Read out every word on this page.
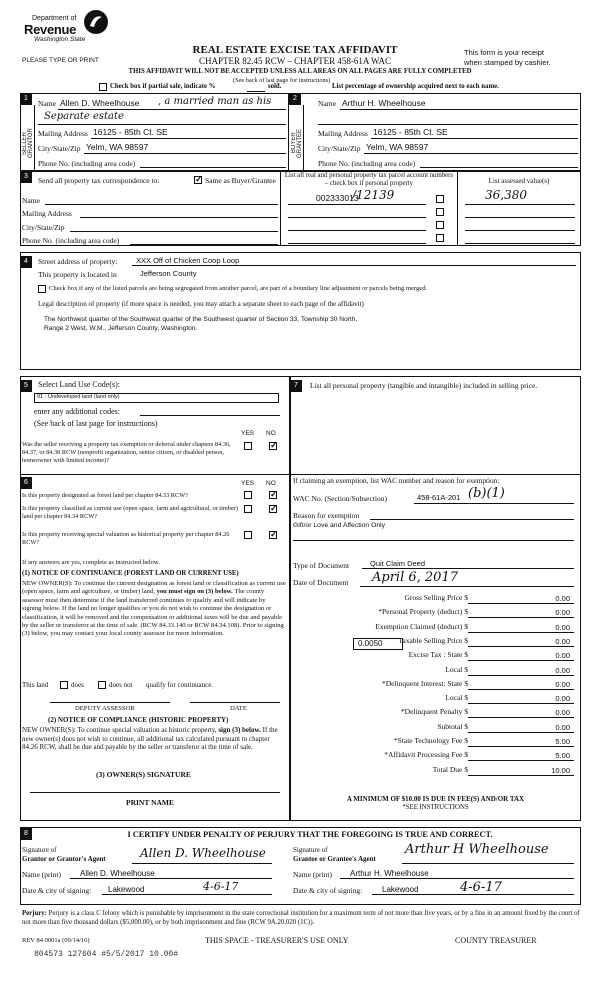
Department of
Revenue
Washington State
PLEASE TYPE OR PRINT
REAL ESTATE EXCISE TAX AFFIDAVIT
CHAPTER 82.45 RCW – CHAPTER 458-61A WAC
This form is your receipt
when stamped by cashier.
THIS AFFIDAVIT WILL NOT BE ACCEPTED UNLESS ALL AREAS ON ALL PAGES ARE FULLY COMPLETED
Check box if partial sale, indicate %	sold.
(See back of last page for instructions)
List percentage of ownership acquired next to each name.
1
SELLER GRANTOR
Name Allen D. Wheelhouse , a married man as his
Separate estate
Mailing Address 16125 - 85th Ct. SE
City/State/Zip Yelm, WA 98597
Phone No. (including area code)
2
BUYER GRANTEE
Name Arthur H. Wheelhouse
Mailing Address 16125 - 85th Ct. SE
City/State/Zip Yelm, WA 98597
Phone No. (including area code)
3	Send all property tax correspondence to:
✓	Same as Buyer/Grantee
Name
Mailing Address
City/State/Zip
Phone No. (including area code)
List all real and personal property tax parcel account numbers – check box if personal property	List assessed value(s)
002333013
/12139	36,380
4	Street address of property: XXX Off of Chicken Coop Loop
This property is located in	Jefferson County
Check box if any of the listed parcels are being segregated from another parcel, are part of a boundary line adjustment or parcels being merged.
Legal description of property (if more space is needed, you may attach a separate sheet to each page of the affidavit)
The Northwest quarter of the Southwest quarter of the Southwest quarter of Section 33, Township 30 North,
Range 2 West, W.M., Jefferson County, Washington.
5	Select Land Use Code(s):
91 - Undeveloped land (land only)
enter any additional codes:
(See back of last page for instructions)
YES NO
Was the seller receiving a property tax exemption or deferral under chapters 84.36, 84.37, or 84.38 RCW (nonprofit organization, senior citizen, or disabled person, homeowner with limited income)?
✓
6	YES NO
Is this property designated as forest land per chapter 84.33 RCW?
✓
Is this property classified as current use (open space, farm and agricultural, or timber) land per chapter 84.34 RCW?
✓
Is this property receiving special valuation as historical property per chapter 84.26 RCW?
✓
If any answers are yes, complete as instructed below.
(1) NOTICE OF CONTINUANCE (FOREST LAND OR CURRENT USE)
NEW OWNER(S): To continue the current designation as forest land or classification as current use (open space, farm and agriculture, or timber) land, you must sign on (3) below. The county assessor must then determine if the land transferred continues to qualify and will indicate by signing below. If the land no longer qualifies or you do not wish to continue the designation or classification, it will be removed and the compensation or additional taxes will be due and payable by the seller or transferor at the time of sale. (RCW 84.33.140 or RCW 84.34.108). Prior to signing (3) below, you may contact your local county assessor for more information.
This land	does	does not qualify for continuance.
DEPUTY ASSESSOR	DATE
(2) NOTICE OF COMPLIANCE (HISTORIC PROPERTY)
NEW OWNER(S): To continue special valuation as historic property, sign (3) below. If the new owner(s) does not wish to continue, all additional tax calculated pursuant to chapter 84.26 RCW, shall be due and payable by the seller or transferor at the time of sale.
(3) OWNER(S) SIGNATURE
PRINT NAME
7	List all personal property (tangible and intangible) included in selling price.
If claiming an exemption, list WAC number and reason for exemption:
WAC No. (Section/Subsection)	458-61A-201 (b)(1)
Reason for exemption
Gift/or Love and Affection Only
Type of Document	Quit Claim Deed
Date of Document April 6, 2017
Gross Selling Price $	0.00
*Personal Property (deduct) $	0.00
Exemption Claimed (deduct) $	0.00
Taxable Selling Price $	0.00
Excise Tax : State $	0.00
Local $	0.00
*Delinquent Interest: State $	0.00
Local $	0.00
*Delinquent Penalty $	0.00
Subtotal $	0.00
*State Technology Fee $	5.00
*Affidavit Processing Fee $	5.00
Total Due $	10.00
0.0050
A MINIMUM OF $10.00 IS DUE IN FEE(S) AND/OR TAX
*SEE INSTRUCTIONS
8	I CERTIFY UNDER PENALTY OF PERJURY THAT THE FOREGOING IS TRUE AND CORRECT.
Signature of
Grantor or Grantor's Agent	Allen D. Wheelhouse
Name (print) Allen D. Wheelhouse
Date & city of signing: Lakewood	4-6-17
Signature of
Grantee or Grantee's Agent
Arthur H Wheelhouse
Name (print) Arthur H. Wheelhouse
Date & city of signing: Lakewood	4-6-17
Perjury: Perjury is a class C felony which is punishable by imprisonment in the state correctional institution for a maximum term of not more than five years, or by a fine in an amount fixed by the court of not more than five thousand dollars ($5,000.00), or by both imprisonment and fine (RCW 9A.20.020 (1C)).
REV 84 0001a (09/14/16)	THIS SPACE - TREASURER'S USE ONLY	COUNTY TREASURER
804573 127604 #5/5/2017 10.00#
